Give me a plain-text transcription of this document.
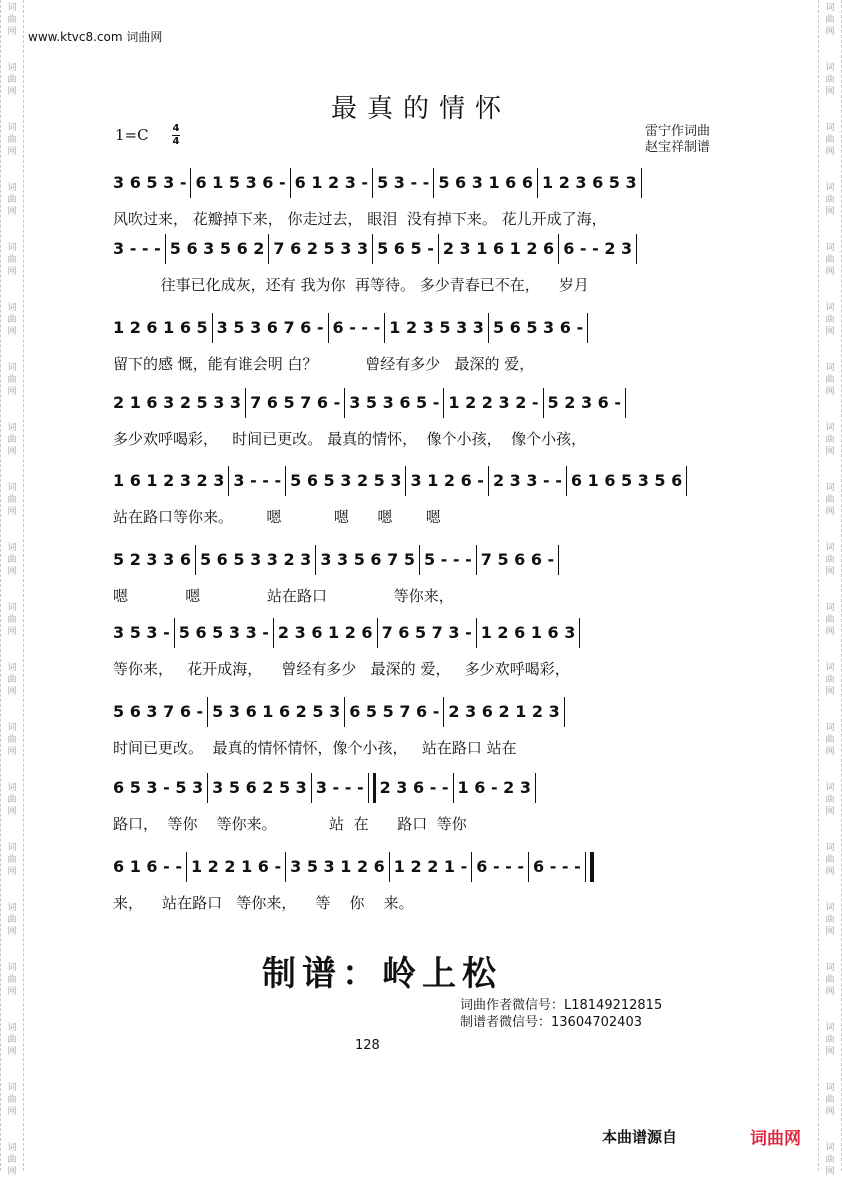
词
曲
网
词
曲
网
词
曲
网
词
曲
网
词
曲
网
词
曲
网
词
曲
网
词
曲
网
词
曲
网
词
曲
网
词
曲
网
词
曲
网
词
曲
网
词
曲
网
词
曲
网
词
曲
网
词
曲
网
词
曲
网
词
曲
网
词
曲
网
词
曲
网
词
曲
网
词
曲
网
词
曲
网
词
曲
网
词
曲
网
词
曲
网
词
曲
网
词
曲
网
词
曲
网
词
曲
网
词
曲
网
词
曲
网
词
曲
网
词
曲
网
词
曲
网
词
曲
网
词
曲
网
词
曲
网
词
曲
网
www.ktvc8.com 词曲网
最真的情怀
1=C 4
4
雷宁作词曲
赵宝祥制谱
3 6 5 3 - 6 1 5 3 6 - 6 1 2 3 - 5 3 - - 5 6 3 1 6 6 1 2 3 6 5 3
风吹过来， 花瓣掉下来， 你走过去， 眼泪  没有掉下来。 花儿开成了海，
3 - - - 5 6 3 5 6 2 7 6 2 5 3 3 5 6 5 - 2 3 1 6 1 2 6 6 - - 2 3
往事已化成灰，还有 我为你  再等待。 多少青春已不在，    岁月
1 2 6 1 6 5 3 5 3 6 7 6 - 6 - - - 1 2 3 5 3 3 5 6 5 3 6 -
留下的感 慨，能有谁会明 白？          曾经有多少   最深的 爱，
2 1 6 3 2 5 3 3 7 6 5 7 6 - 3 5 3 6 5 - 1 2 2 3 2 - 5 2 3 6 -
多少欢呼喝彩，   时间已更改。 最真的情怀，  像个小孩，  像个小孩，
1 6 1 2 3 2 3 3 - - - 5 6 5 3 2 5 3 3 1 2 6 - 2 3 3 - - 6 1 6 5 3 5 6
站在路口等你来。       嗯           嗯      嗯       嗯
5 2 3 3 6 5 6 5 3 3 2 3 3 3 5 6 7 5 5 - - - 7 5 6 6 -
嗯            嗯              站在路口              等你来，
3 5 3 - 5 6 5 3 3 - 2 3 6 1 2 6 7 6 5 7 3 - 1 2 6 1 6 3
等你来，   花开成海，    曾经有多少   最深的 爱，   多少欢呼喝彩，
5 6 3 7 6 - 5 3 6 1 6 2 5 3 6 5 5 7 6 - 2 3 6 2 1 2 3
时间已更改。  最真的情怀情怀，像个小孩，   站在路口 站在
6 5 3 - 5 3 3 5 6 2 5 3 3 - - - 2 3 6 - - 1 6 - 2 3
路口，  等你    等你来。           站  在      路口  等你
6 1 6 - - 1 2 2 1 6 - 3 5 3 1 2 6 1 2 2 1 - 6 - - - 6 - - -
来，    站在路口   等你来，    等    你    来。
制谱：岭上松
词曲作者微信号：L18149212815
制谱者微信号：13604702403
128
本曲谱源自	词曲网
